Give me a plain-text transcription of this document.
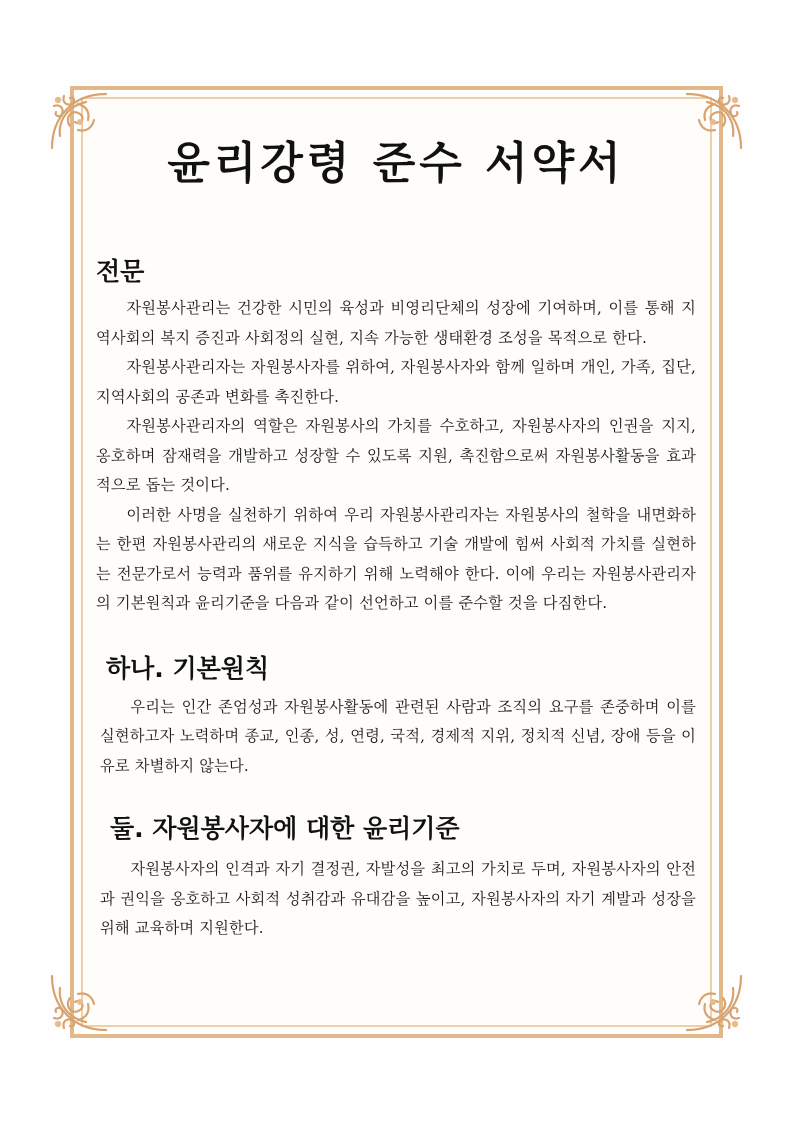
윤리강령 준수 서약서
전문

자원봉사관리는 건강한 시민의 육성과 비영리단체의 성장에 기여하며, 이를 통해 지역사회의 복지 증진과 사회정의 실현, 지속 가능한 생태환경 조성을 목적으로 한다.

자원봉사관리자는 자원봉사자를 위하여, 자원봉사자와 함께 일하며 개인, 가족, 집단, 지역사회의 공존과 변화를 촉진한다.

자원봉사관리자의 역할은 자원봉사의 가치를 수호하고, 자원봉사자의 인권을 지지, 옹호하며 잠재력을 개발하고 성장할 수 있도록 지원, 촉진함으로써 자원봉사활동을 효과적으로 돕는 것이다.

이러한 사명을 실천하기 위하여 우리 자원봉사관리자는 자원봉사의 철학을 내면화하는 한편 자원봉사관리의 새로운 지식을 습득하고 기술 개발에 힘써 사회적 가치를 실현하는 전문가로서 능력과 품위를 유지하기 위해 노력해야 한다. 이에 우리는 자원봉사관리자의 기본원칙과 윤리기준을 다음과 같이 선언하고 이를 준수할 것을 다짐한다.

하나. 기본원칙

우리는 인간 존엄성과 자원봉사활동에 관련된 사람과 조직의 요구를 존중하며 이를 실현하고자 노력하며 종교, 인종, 성, 연령, 국적, 경제적 지위, 정치적 신념, 장애 등을 이유로 차별하지 않는다.

둘. 자원봉사자에 대한 윤리기준

자원봉사자의 인격과 자기 결정권, 자발성을 최고의 가치로 두며, 자원봉사자의 안전과 권익을 옹호하고 사회적 성취감과 유대감을 높이고, 자원봉사자의 자기 계발과 성장을 위해 교육하며 지원한다.
